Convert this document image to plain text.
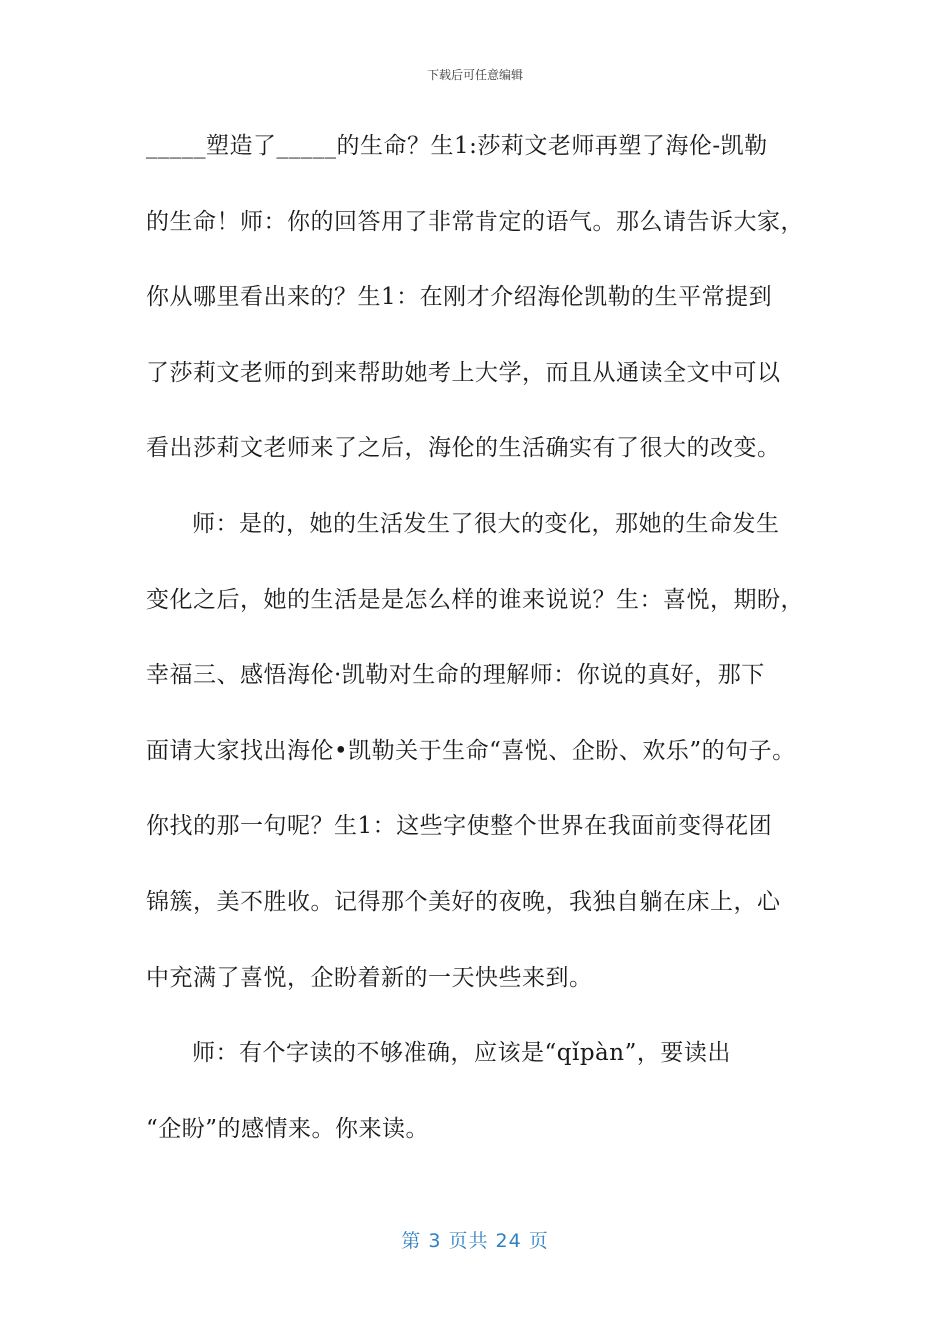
下载后可任意编辑
_____塑造了_____的生命？生1:莎莉文老师再塑了海伦-凯勒
的生命！师：你的回答用了非常肯定的语气。那么请告诉大家，
你从哪里看出来的？生1：在刚才介绍海伦凯勒的生平常提到
了莎莉文老师的到来帮助她考上大学，而且从通读全文中可以
看出莎莉文老师来了之后，海伦的生活确实有了很大的改变。
师：是的，她的生活发生了很大的变化，那她的生命发生
变化之后，她的生活是是怎么样的谁来说说？生：喜悦，期盼，
幸福三、感悟海伦·凯勒对生命的理解师：你说的真好，那下
面请大家找出海伦•凯勒关于生命“喜悦、企盼、欢乐”的句子。
你找的那一句呢？生1：这些字使整个世界在我面前变得花团
锦簇，美不胜收。记得那个美好的夜晚，我独自躺在床上，心
中充满了喜悦，企盼着新的一天快些来到。
师：有个字读的不够准确，应该是“qǐpàn”，要读出
“企盼”的感情来。你来读。
第 3 页共 24 页
